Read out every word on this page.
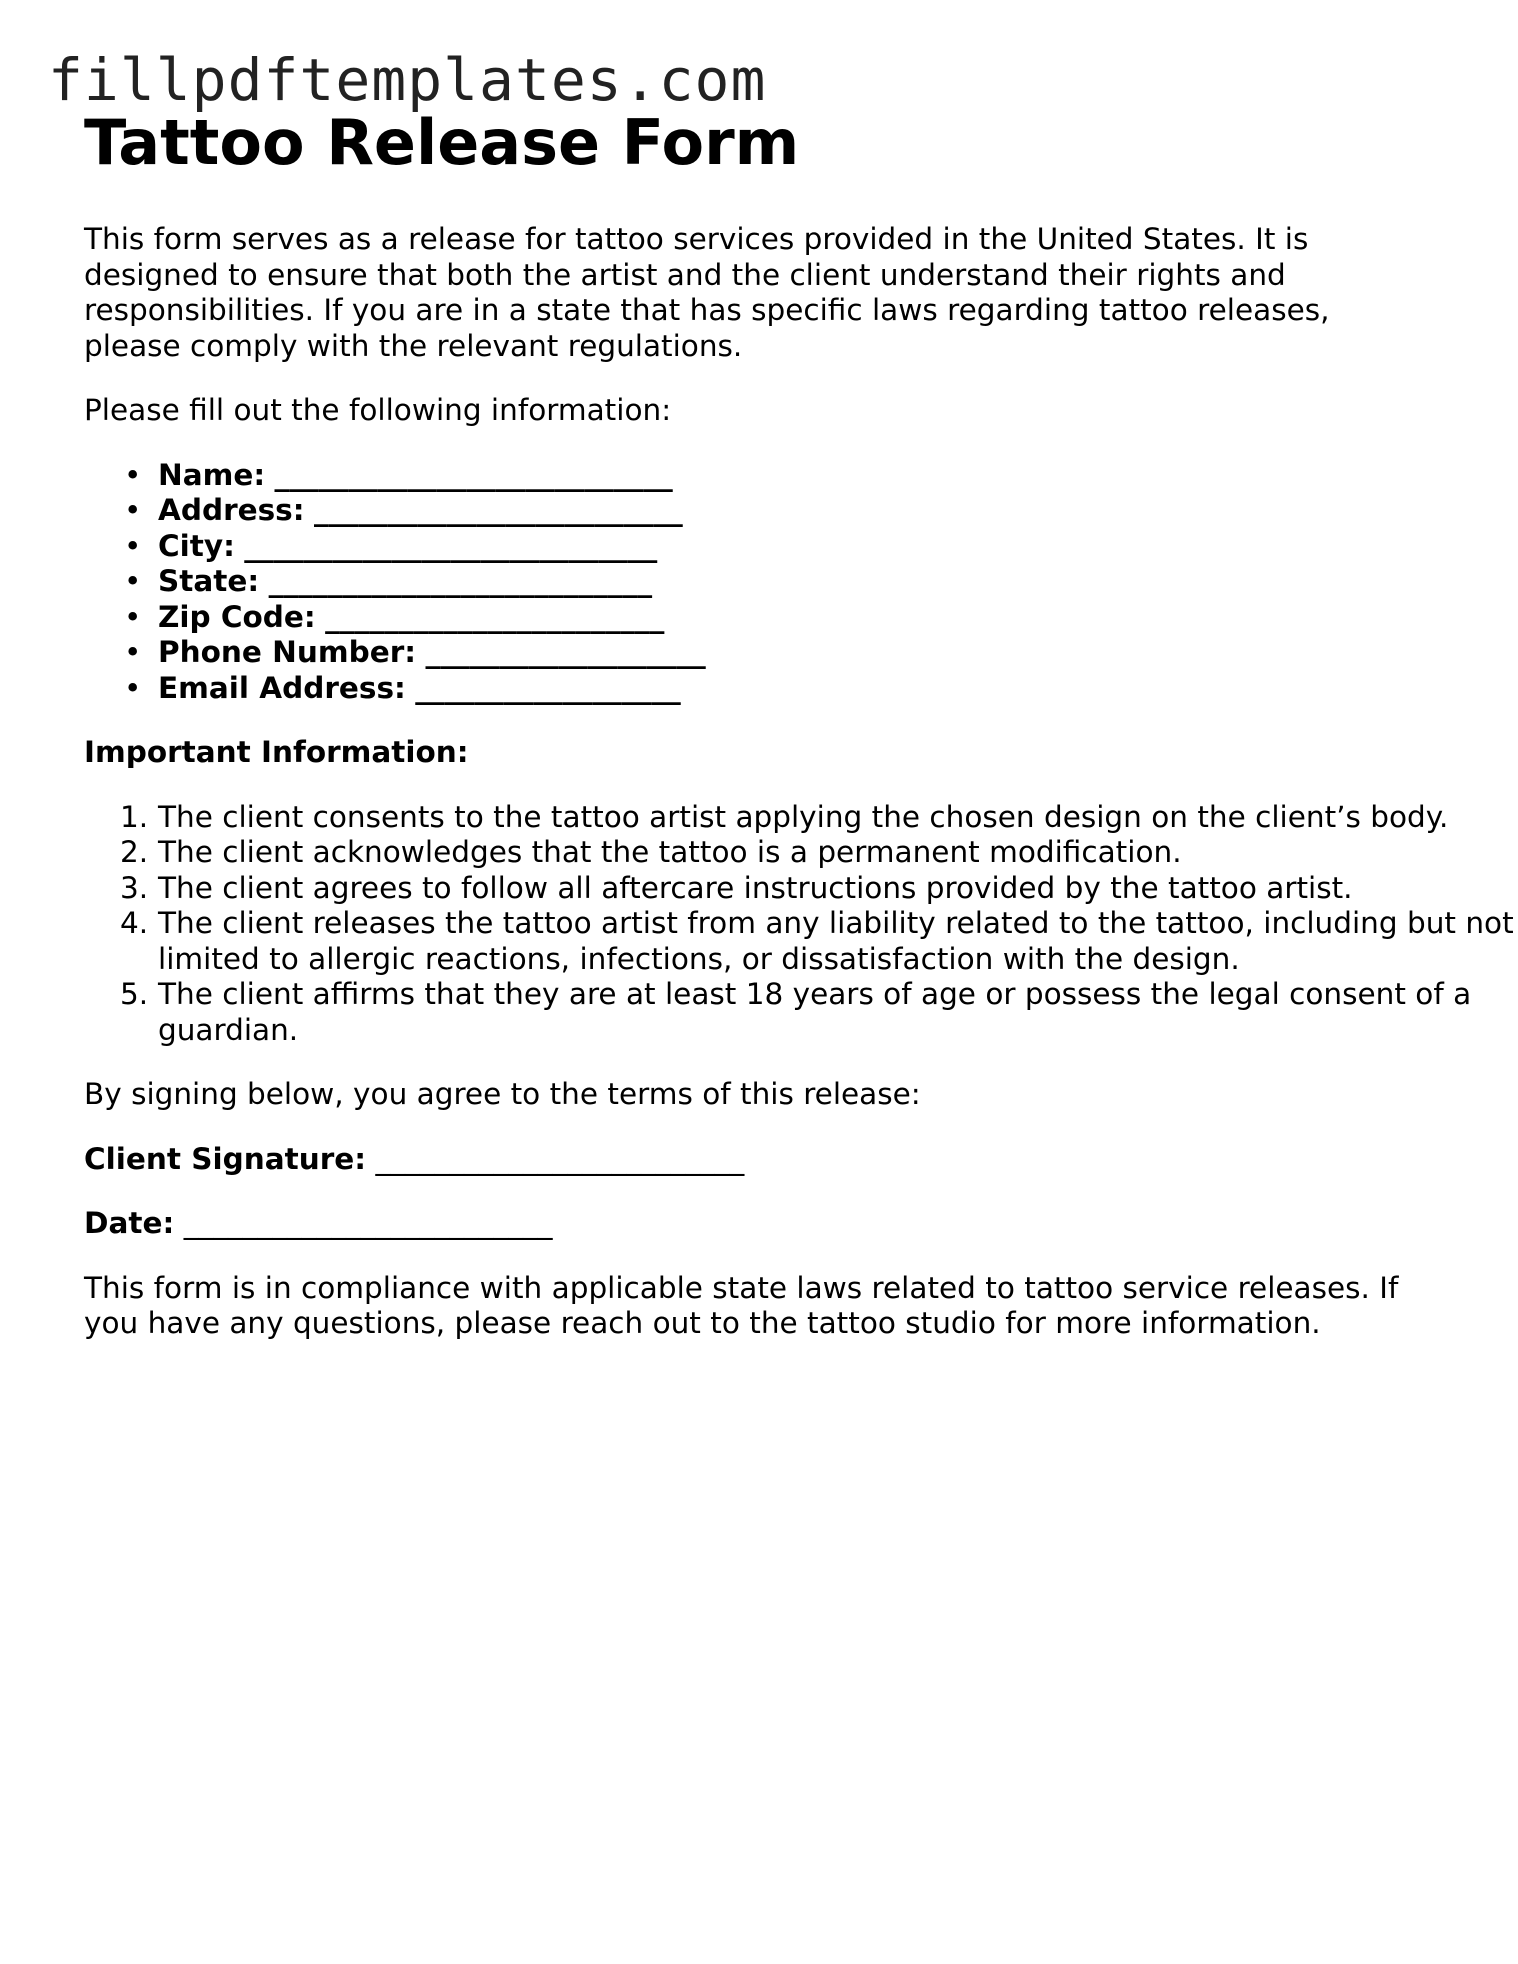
fillpdftemplates.com
Tattoo Release Form

This form serves as a release for tattoo services provided in the United States. It is designed to ensure that both the artist and the client understand their rights and responsibilities. If you are in a state that has specific laws regarding tattoo releases, please comply with the relevant regulations.

Please fill out the following information:

• Name: ___________________________
• Address: _________________________
• City: ____________________________
• State: __________________________
• Zip Code: _______________________
• Phone Number: ___________________
• Email Address: __________________

Important Information:

1. The client consents to the tattoo artist applying the chosen design on the client’s body.
2. The client acknowledges that the tattoo is a permanent modification.
3. The client agrees to follow all aftercare instructions provided by the tattoo artist.
4. The client releases the tattoo artist from any liability related to the tattoo, including but not limited to allergic reactions, infections, or dissatisfaction with the design.
5. The client affirms that they are at least 18 years of age or possess the legal consent of a guardian.

By signing below, you agree to the terms of this release:

Client Signature: _________________________

Date: _________________________

This form is in compliance with applicable state laws related to tattoo service releases. If you have any questions, please reach out to the tattoo studio for more information.
